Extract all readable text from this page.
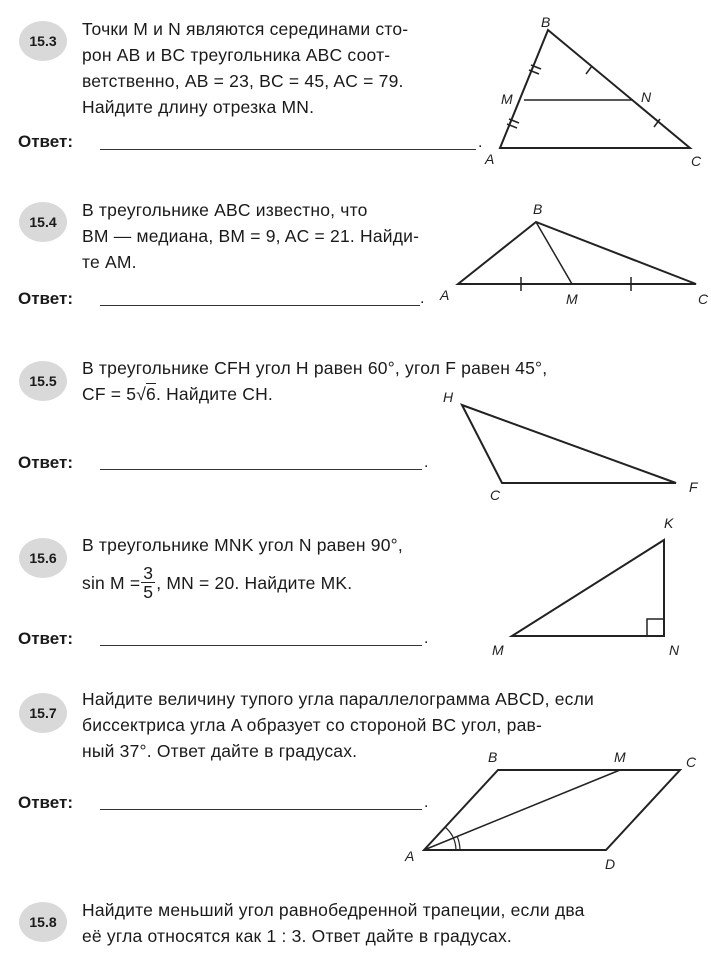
15.3
Точки M и N являются серединами сто-
рон AB и BC треугольника ABC соот-
ветственно, AB = 23, BC = 45, AC = 79.
Найдите длину отрезка MN.
Ответ:	.
A
B
C
M	N
15.4
В треугольнике ABC известно, что
BM — медиана, BM = 9, AC = 21. Найди-
те AM.
Ответ:	. A
B
C
M
15.5
В треугольнике CFH угол H равен 60°, угол F равен 45°,
CF = 5√6. Найдите CH.
Ответ:	.
H
C	F
15.6
В треугольнике MNK угол N равен 90°,
$\sin M = \frac{3}{5}$ , MN = 20. Найдите MK.
Ответ:	.
K
M	N
15.7
Найдите величину тупого угла параллелограмма ABCD, если
биссектриса угла A образует со стороной BC угол, рав-
ный 37°. Ответ дайте в градусах.
Ответ:	.
A
B	C
D
M
15.8
Найдите меньший угол равнобедренной трапеции, если два
её угла относятся как 1 : 3. Ответ дайте в градусах.
